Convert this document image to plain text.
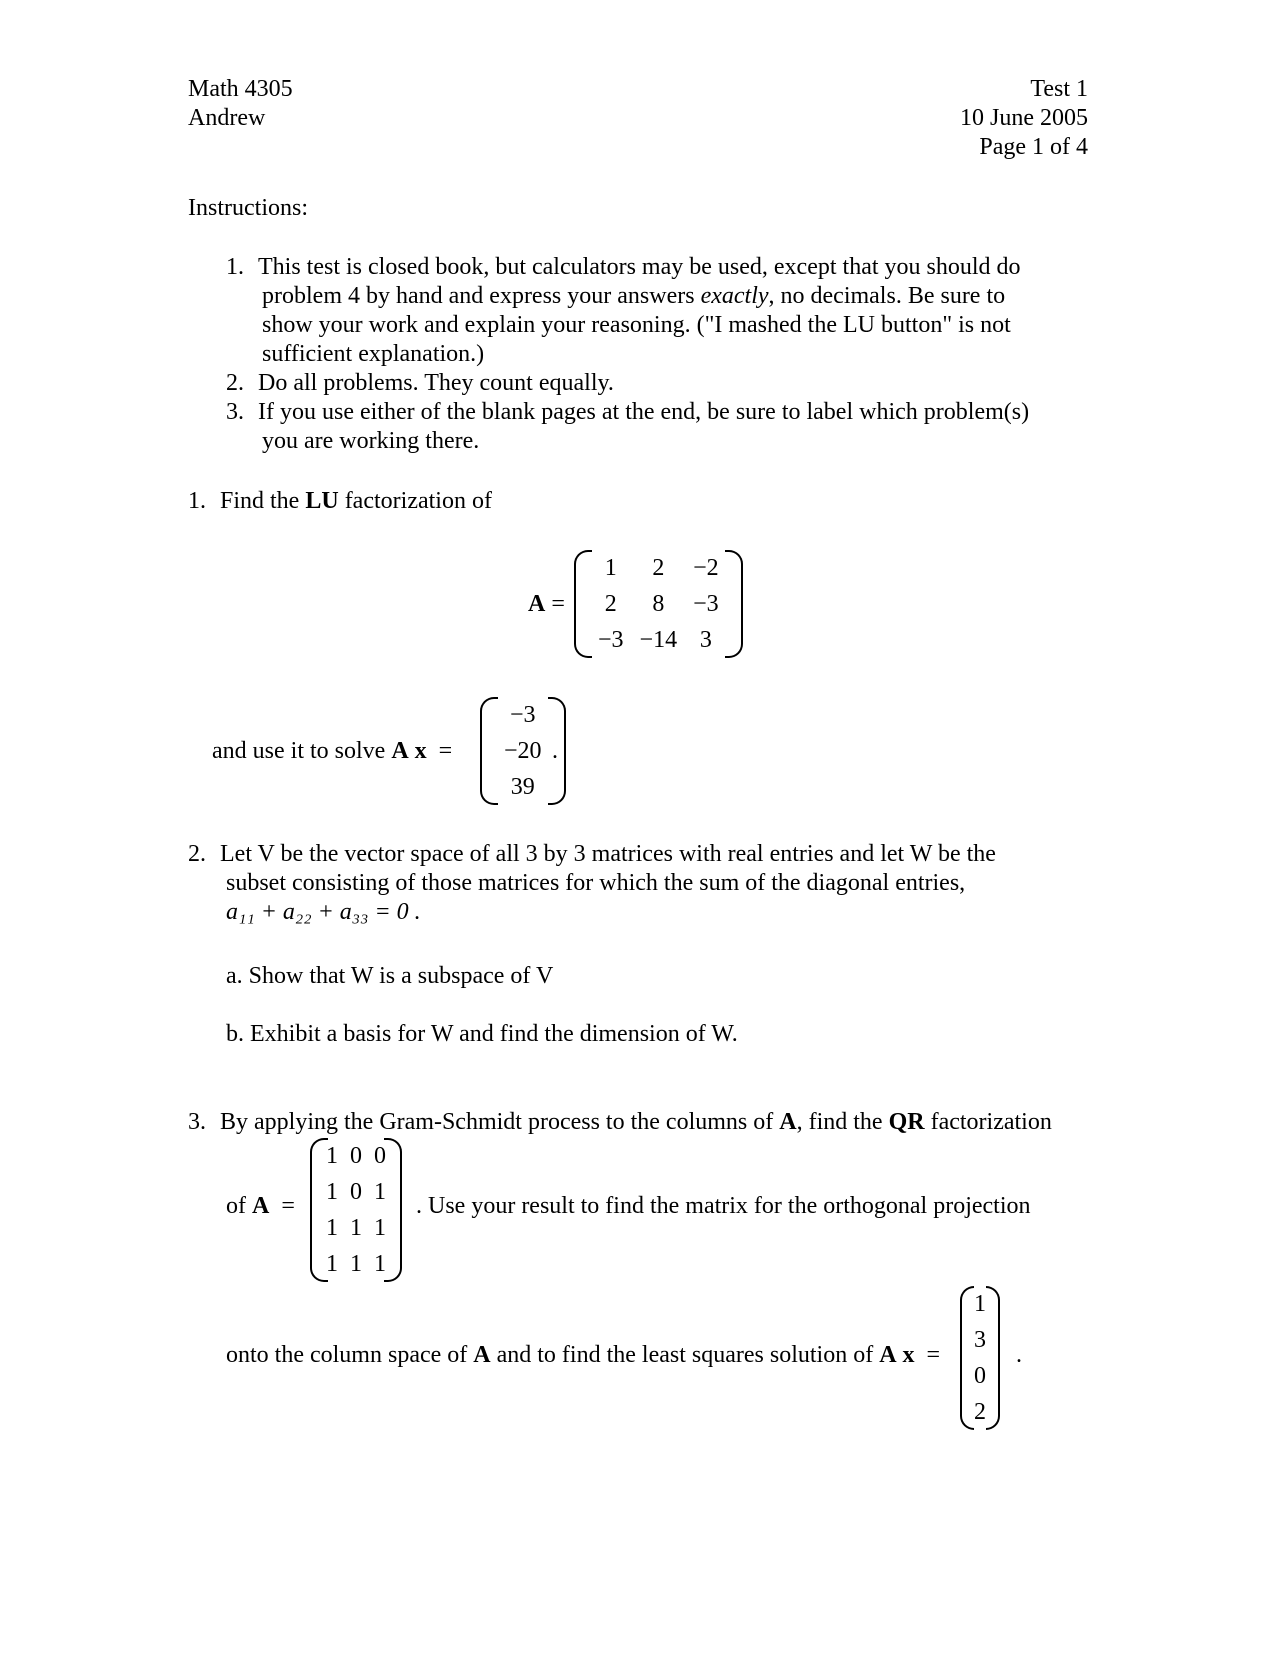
Math 4305
Andrew
Test 1
10 June 2005
Page 1 of 4
Instructions:
1. This test is closed book, but calculators may be used, except that you should do
problem 4 by hand and express your answers exactly, no decimals. Be sure to
show your work and explain your reasoning. ("I mashed the LU button" is not
sufficient explanation.)
2. Do all problems. They count equally.
3. If you use either of the blank pages at the end, be sure to label which problem(s)
you are working there.
1. Find the LU factorization of
A =
1	2	−2
2	8	−3
−3	−14	3
and use it to solve A x =
−3
−20
39
.
2. Let V be the vector space of all 3 by 3 matrices with real entries and let W be the
subset consisting of those matrices for which the sum of the diagonal entries,
a₁₁ + a₂₂ + a₃₃ = 0 .
a. Show that W is a subspace of V
b. Exhibit a basis for W and find the dimension of W.
3. By applying the Gram-Schmidt process to the columns of A, find the QR factorization
of A =
1	0	0
1	0	1
1	1	1
1	1	1
. Use your result to find the matrix for the orthogonal projection
onto the column space of A and to find the least squares solution of A x =
1
3
0
2
.
